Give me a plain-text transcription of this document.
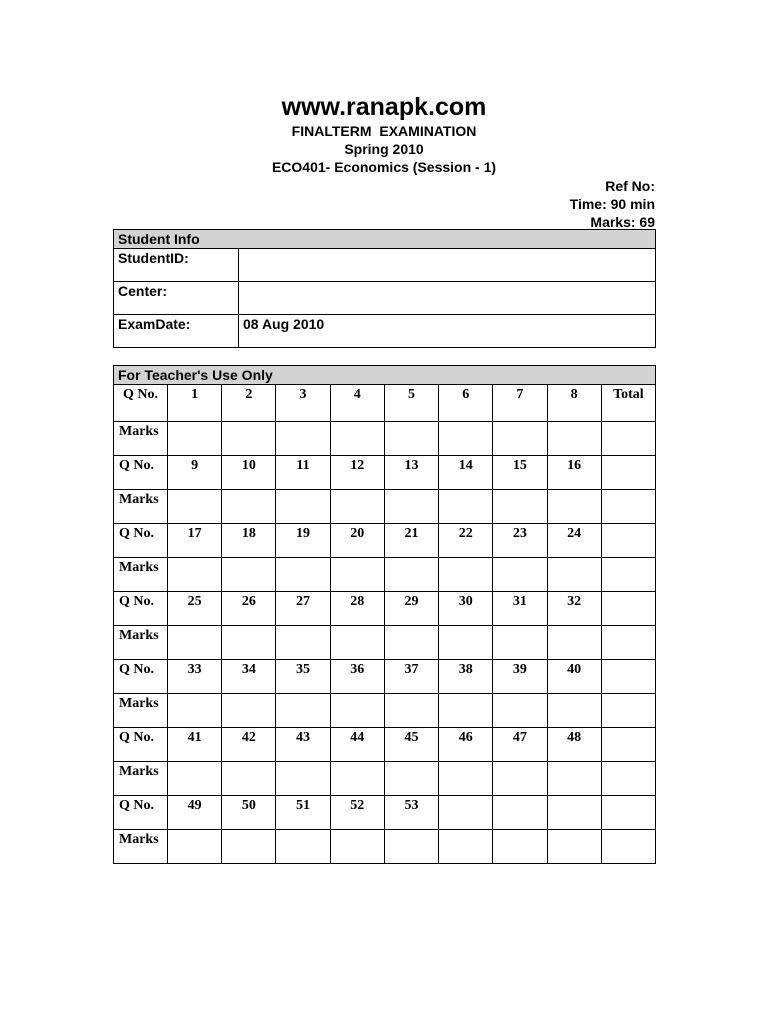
www.ranapk.com
FINALTERM EXAMINATION
Spring 2010
ECO401- Economics (Session - 1)
Ref No:
Time: 90 min
Marks: 69
Student Info	
StudentID:	
Center:	
ExamDate:	08 Aug 2010
For Teacher's Use Only									
Q No.	1	2	3	4	5	6	7	8	Total
Marks									
Q No.	9	10	11	12	13	14	15	16	
Marks									
Q No.	17	18	19	20	21	22	23	24	
Marks									
Q No.	25	26	27	28	29	30	31	32	
Marks									
Q No.	33	34	35	36	37	38	39	40	
Marks									
Q No.	41	42	43	44	45	46	47	48	
Marks									
Q No.	49	50	51	52	53				
Marks									
